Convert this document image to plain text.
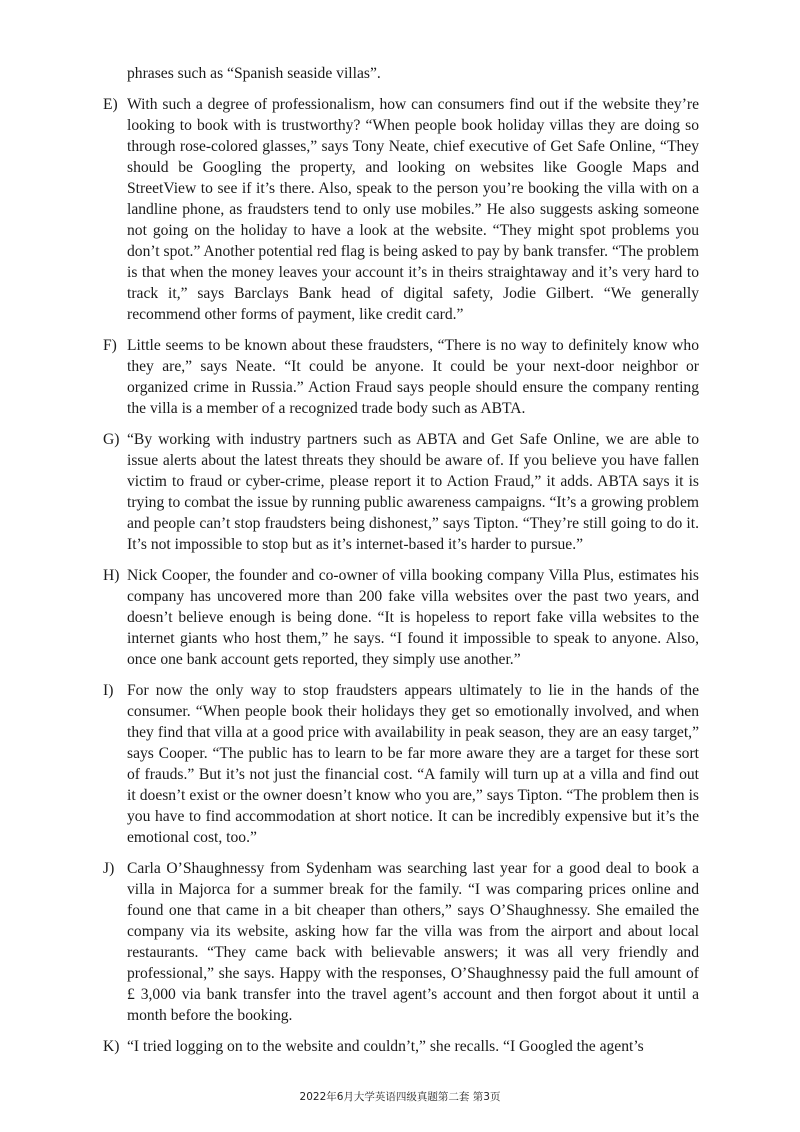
phrases such as “Spanish seaside villas”.

E) With such a degree of professionalism, how can consumers find out if the website they’re looking to book with is trustworthy? “When people book holiday villas they are doing so through rose-colored glasses,” says Tony Neate, chief executive of Get Safe Online, “They should be Googling the property, and looking on websites like Google Maps and StreetView to see if it’s there. Also, speak to the person you’re booking the villa with on a landline phone, as fraudsters tend to only use mobiles.” He also suggests asking someone not going on the holiday to have a look at the website. “They might spot problems you don’t spot.” Another potential red flag is being asked to pay by bank transfer. “The problem is that when the money leaves your account it’s in theirs straightaway and it’s very hard to track it,” says Barclays Bank head of digital safety, Jodie Gilbert. “We generally recommend other forms of payment, like credit card.”

F) Little seems to be known about these fraudsters, “There is no way to definitely know who they are,” says Neate. “It could be anyone. It could be your next-door neighbor or organized crime in Russia.” Action Fraud says people should ensure the company renting the villa is a member of a recognized trade body such as ABTA.

G) “By working with industry partners such as ABTA and Get Safe Online, we are able to issue alerts about the latest threats they should be aware of. If you believe you have fallen victim to fraud or cyber-crime, please report it to Action Fraud,” it adds. ABTA says it is trying to combat the issue by running public awareness campaigns. “It’s a growing problem and people can’t stop fraudsters being dishonest,” says Tipton. “They’re still going to do it. It’s not impossible to stop but as it’s internet-based it’s harder to pursue.”

H) Nick Cooper, the founder and co-owner of villa booking company Villa Plus, estimates his company has uncovered more than 200 fake villa websites over the past two years, and doesn’t believe enough is being done. “It is hopeless to report fake villa websites to the internet giants who host them,” he says. “I found it impossible to speak to anyone. Also, once one bank account gets reported, they simply use another.”

I) For now the only way to stop fraudsters appears ultimately to lie in the hands of the consumer. “When people book their holidays they get so emotionally involved, and when they find that villa at a good price with availability in peak season, they are an easy target,” says Cooper. “The public has to learn to be far more aware they are a target for these sort of frauds.” But it’s not just the financial cost. “A family will turn up at a villa and find out it doesn’t exist or the owner doesn’t know who you are,” says Tipton. “The problem then is you have to find accommodation at short notice. It can be incredibly expensive but it’s the emotional cost, too.”

J) Carla O’Shaughnessy from Sydenham was searching last year for a good deal to book a villa in Majorca for a summer break for the family. “I was comparing prices online and found one that came in a bit cheaper than others,” says O’Shaughnessy. She emailed the company via its website, asking how far the villa was from the airport and about local restaurants. “They came back with believable answers; it was all very friendly and professional,” she says. Happy with the responses, O’Shaughnessy paid the full amount of £ 3,000 via bank transfer into the travel agent’s account and then forgot about it until a month before the booking.

K) “I tried logging on to the website and couldn’t,” she recalls. “I Googled the agent’s

2022年6月大学英语四级真题第二套 第3页
